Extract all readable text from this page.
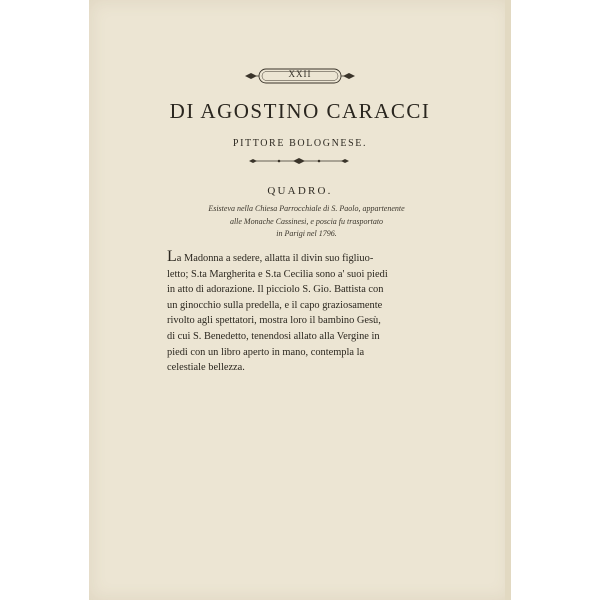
XXII
DI AGOSTINO CARACCI
PITTORE BOLOGNESE.
QUADRO.
Esisteva nella Chiesa Parrocchiale di S. Paolo, appartenente
alle Monache Cassinesi, e poscia fu trasportato
in Parigi nel 1796.
La Madonna a sedere, allatta il divin suo figliuo-
letto; S.ta Margherita e S.ta Cecilia sono a' suoi piedi
in atto di adorazione. Il picciolo S. Gio. Battista con
un ginocchio sulla predella, e il capo graziosamente
rivolto agli spettatori, mostra loro il bambino Gesù,
di cui S. Benedetto, tenendosi allato alla Vergine in
piedi con un libro aperto in mano, contempla la
celestiale bellezza.
